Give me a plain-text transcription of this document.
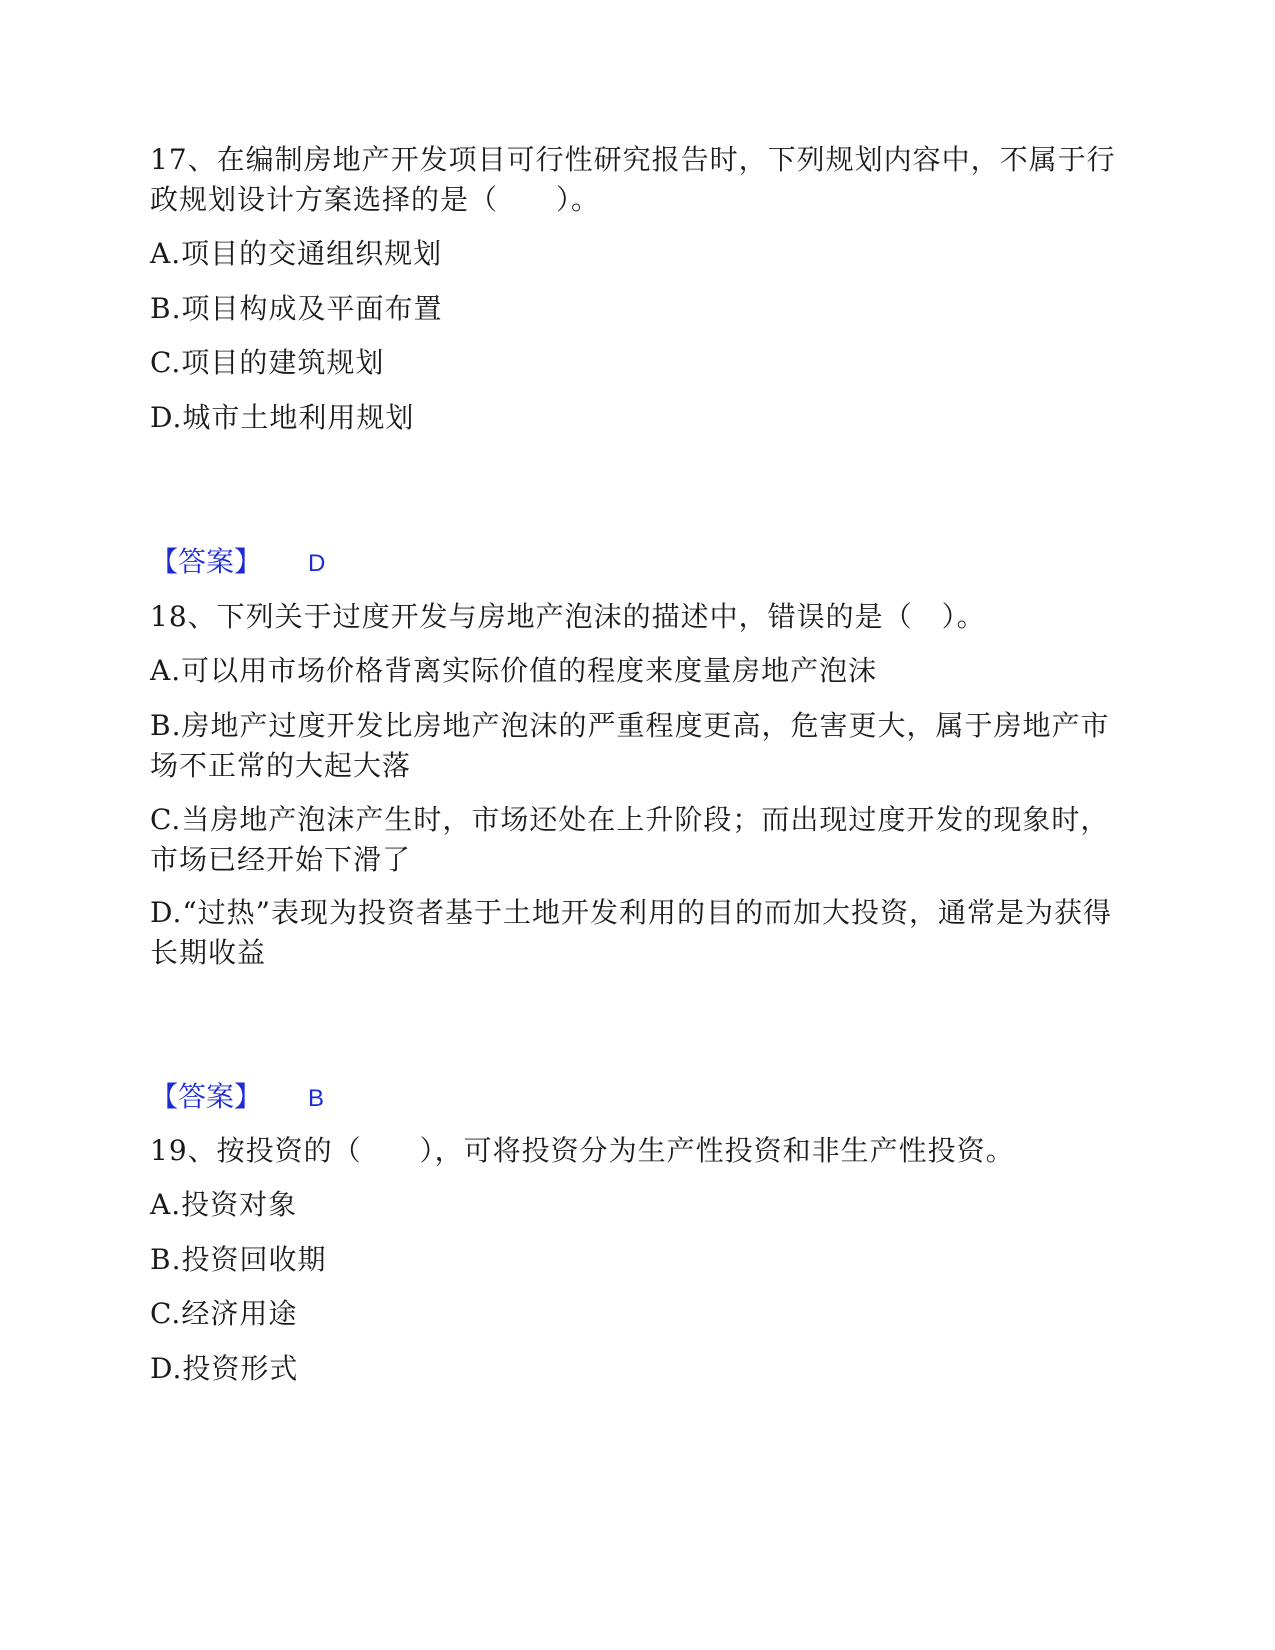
17、在编制房地产开发项目可行性研究报告时，下列规划内容中，不属于行政规划设计方案选择的是（　　）。
A.项目的交通组织规划
B.项目构成及平面布置
C.项目的建筑规划
D.城市土地利用规划
【答案】 D
18、下列关于过度开发与房地产泡沫的描述中，错误的是（　）。
A.可以用市场价格背离实际价值的程度来度量房地产泡沫
B.房地产过度开发比房地产泡沫的严重程度更高，危害更大，属于房地产市场不正常的大起大落
C.当房地产泡沫产生时，市场还处在上升阶段；而出现过度开发的现象时，市场已经开始下滑了
D.“过热”表现为投资者基于土地开发利用的目的而加大投资，通常是为获得长期收益
【答案】 B
19、按投资的（　　），可将投资分为生产性投资和非生产性投资。
A.投资对象
B.投资回收期
C.经济用途
D.投资形式
